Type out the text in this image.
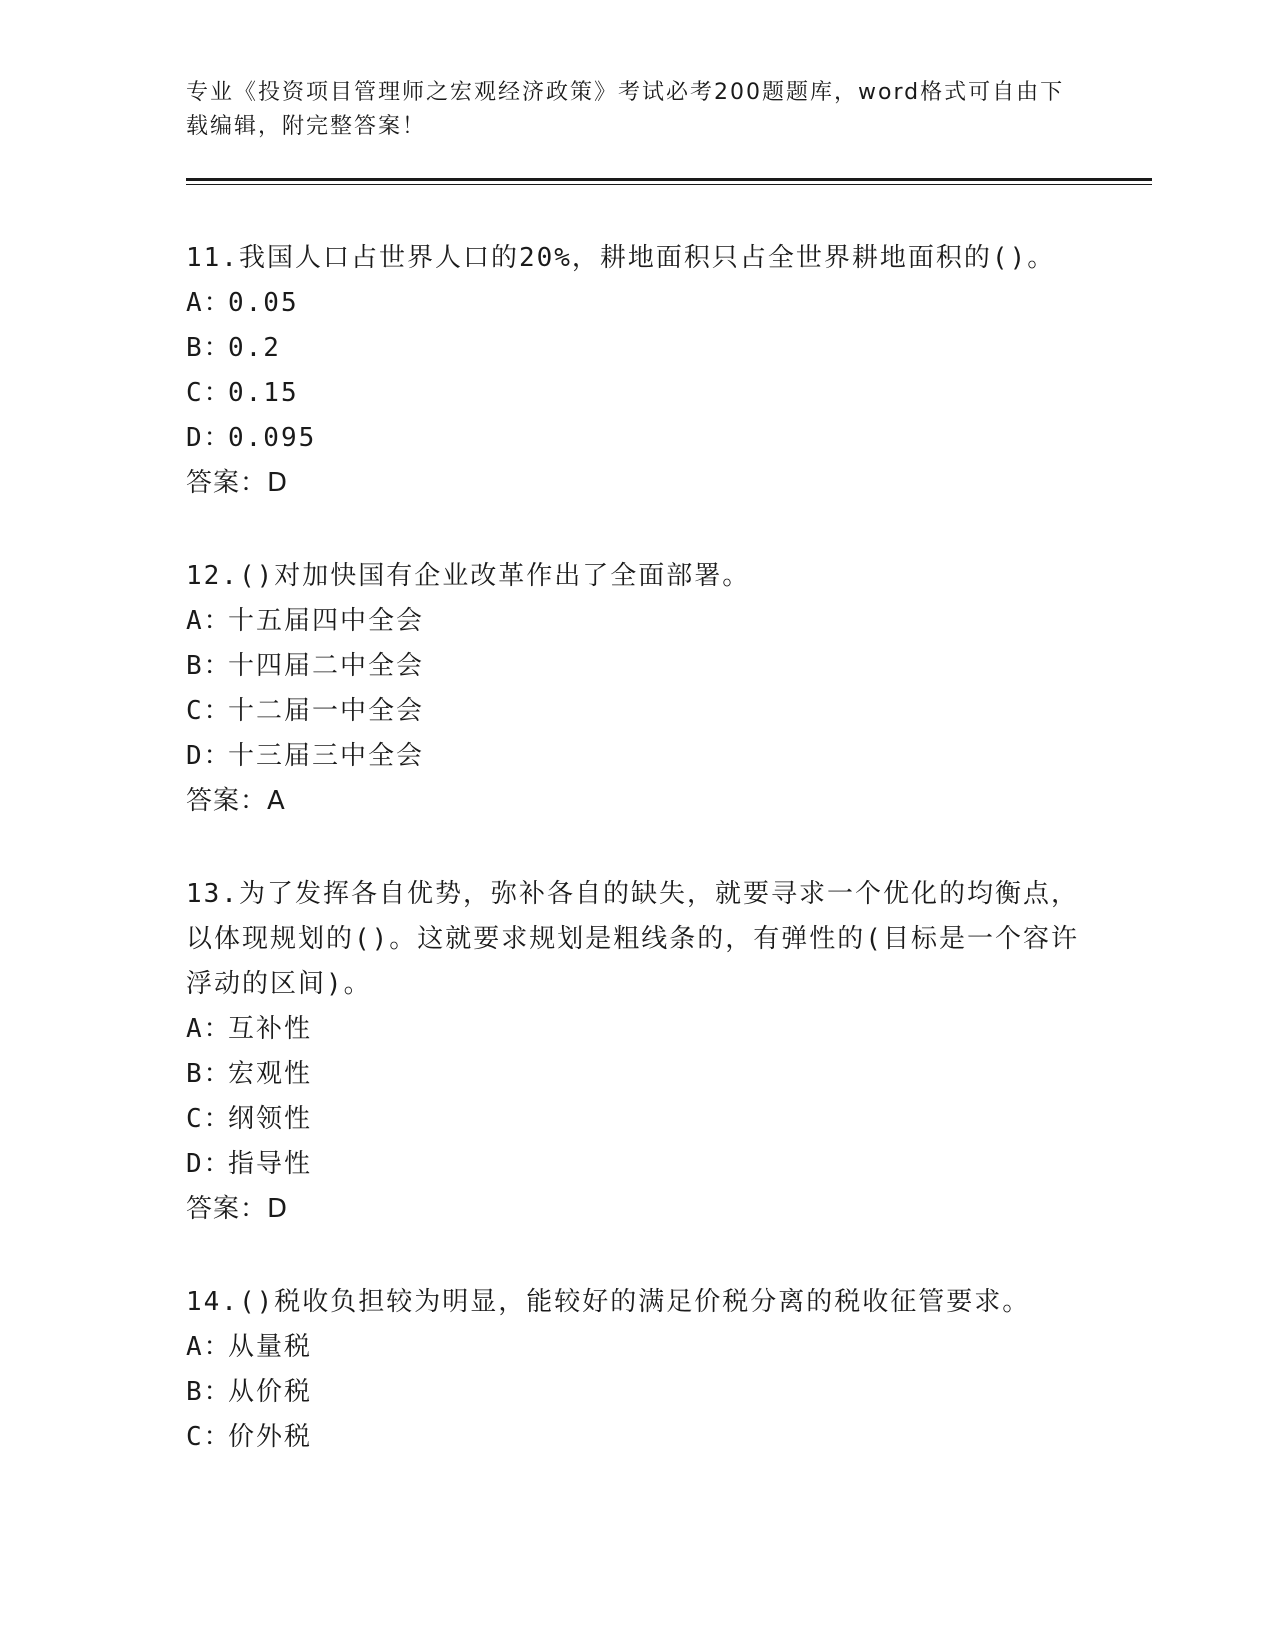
专业《投资项目管理师之宏观经济政策》考试必考200题题库，word格式可自由下载编辑，附完整答案！

11.我国人口占世界人口的20%，耕地面积只占全世界耕地面积的()。

A：0.05

B：0.2

C：0.15

D：0.095

答案：D

12.()对加快国有企业改革作出了全面部署。

A：十五届四中全会

B：十四届二中全会

C：十二届一中全会

D：十三届三中全会

答案：A

13.为了发挥各自优势，弥补各自的缺失，就要寻求一个优化的均衡点，以体现规划的()。这就要求规划是粗线条的，有弹性的(目标是一个容许浮动的区间)。

A：互补性

B：宏观性

C：纲领性

D：指导性

答案：D

14.()税收负担较为明显，能较好的满足价税分离的税收征管要求。

A：从量税

B：从价税

C：价外税
